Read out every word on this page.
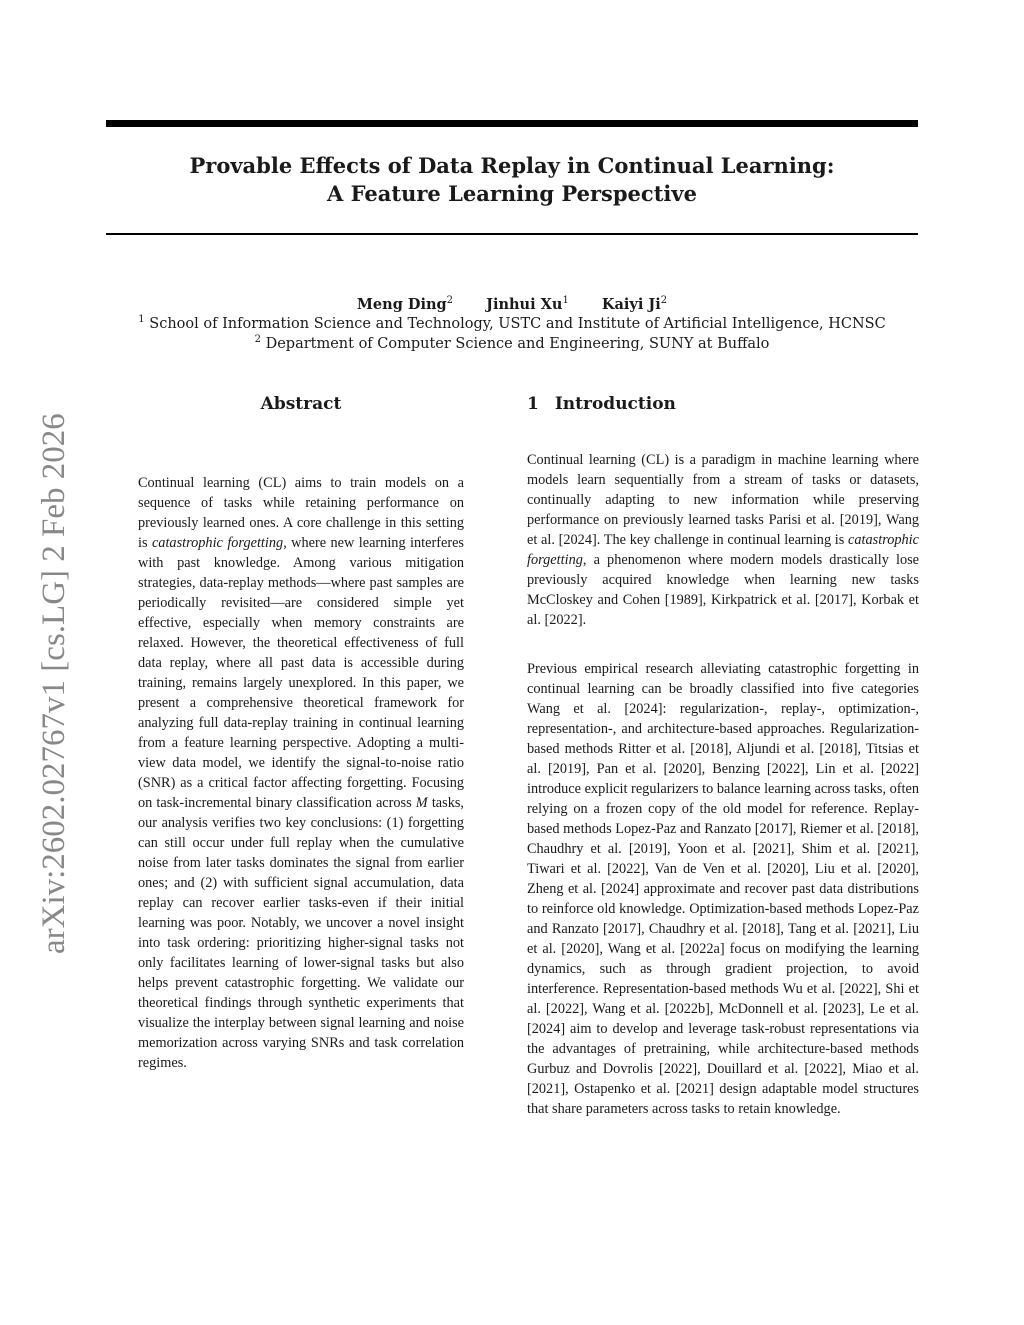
Provable Effects of Data Replay in Continual Learning:
A Feature Learning Perspective
Meng Ding$^2$ Jinhui Xu$^1$ Kaiyi Ji$^2$
$^1$ School of Information Science and Technology, USTC and Institute of Artificial Intelligence, HCNSC
$^2$ Department of Computer Science and Engineering, SUNY at Buffalo
arXiv:2602.02767v1 [cs.LG] 2 Feb 2026
Abstract

Continual learning (CL) aims to train models on a sequence of tasks while retaining performance on previously learned ones. A core challenge in this setting is catastrophic forgetting, where new learning interferes with past knowledge. Among various mitigation strategies, data-replay methods—where past samples are periodically revisited—are considered simple yet effective, especially when memory constraints are relaxed. However, the theoretical effectiveness of full data replay, where all past data is accessible during training, remains largely unexplored. In this paper, we present a comprehensive theoretical framework for analyzing full data-replay training in continual learning from a feature learning perspective. Adopting a multi-view data model, we identify the signal-to-noise ratio (SNR) as a critical factor affecting forgetting. Focusing on task-incremental binary classification across M tasks, our analysis verifies two key conclusions: (1) forgetting can still occur under full replay when the cumulative noise from later tasks dominates the signal from earlier ones; and (2) with sufficient signal accumulation, data replay can recover earlier tasks-even if their initial learning was poor. Notably, we uncover a novel insight into task ordering: prioritizing higher-signal tasks not only facilitates learning of lower-signal tasks but also helps prevent catastrophic forgetting. We validate our theoretical findings through synthetic experiments that visualize the interplay between signal learning and noise memorization across varying SNRs and task correlation regimes.

1 Introduction

Continual learning (CL) is a paradigm in machine learning where models learn sequentially from a stream of tasks or datasets, continually adapting to new information while preserving performance on previously learned tasks Parisi et al. [2019], Wang et al. [2024]. The key challenge in continual learning is catastrophic forgetting, a phenomenon where modern models drastically lose previously acquired knowledge when learning new tasks McCloskey and Cohen [1989], Kirkpatrick et al. [2017], Korbak et al. [2022].

Previous empirical research alleviating catastrophic forgetting in continual learning can be broadly classified into five categories Wang et al. [2024]: regularization-, replay-, optimization-, representation-, and architecture-based approaches. Regularization-based methods Ritter et al. [2018], Aljundi et al. [2018], Titsias et al. [2019], Pan et al. [2020], Benzing [2022], Lin et al. [2022] introduce explicit regularizers to balance learning across tasks, often relying on a frozen copy of the old model for reference. Replay-based methods Lopez-Paz and Ranzato [2017], Riemer et al. [2018], Chaudhry et al. [2019], Yoon et al. [2021], Shim et al. [2021], Tiwari et al. [2022], Van de Ven et al. [2020], Liu et al. [2020], Zheng et al. [2024] approximate and recover past data distributions to reinforce old knowledge. Optimization-based methods Lopez-Paz and Ranzato [2017], Chaudhry et al. [2018], Tang et al. [2021], Liu et al. [2020], Wang et al. [2022a] focus on modifying the learning dynamics, such as through gradient projection, to avoid interference. Representation-based methods Wu et al. [2022], Shi et al. [2022], Wang et al. [2022b], McDonnell et al. [2023], Le et al. [2024] aim to develop and leverage task-robust representations via the advantages of pretraining, while architecture-based methods Gurbuz and Dovrolis [2022], Douillard et al. [2022], Miao et al. [2021], Ostapenko et al. [2021] design adaptable model structures that share parameters across tasks to retain knowledge.
